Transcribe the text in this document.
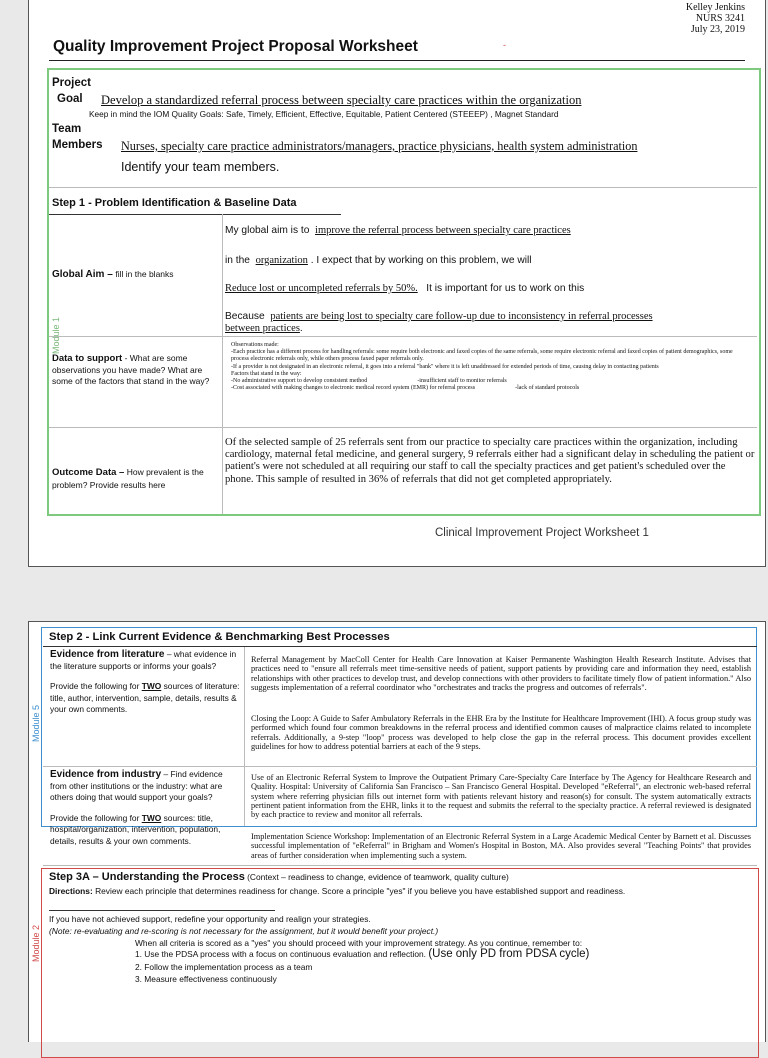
Kelley Jenkins
NURS 3241
July 23, 2019
Quality Improvement Project Proposal Worksheet	-
Project
Goal Develop a standardized referral process between specialty care practices within the organization
Keep in mind the IOM Quality Goals: Safe, Timely, Efficient, Effective, Equitable, Patient Centered (STEEEP) , Magnet Standard
Team
Members Nurses, specialty care practice administrators/managers, practice physicians, health system administration
Identify your team members.
Step 1 - Problem Identification & Baseline Data
Global Aim – fill in the blanks
My global aim is to improve the referral process between specialty care practices
in the organization . I expect that by working on this problem, we will
Reduce lost or uncompleted referrals by 50%. It is important for us to work on this
Because patients are being lost to specialty care follow-up due to inconsistency in referral processes between practices.
Data to support - What are some observations you have made? What are some of the factors that stand in the way?
Observations made:
-Each practice has a different process for handling referrals: some require both electronic and faxed copies of the same referrals, some require electronic referral and faxed copies of patient demographics, some process electronic referrals only, while others process faxed paper referrals only.
-If a provider is not designated in an electronic referral, it goes into a referral "bank" where it is left unaddressed for extended periods of time, causing delay in contacting patients
Factors that stand in the way:
-No administrative support to develop consistent method	-insufficient staff to monitor referrals
-Cost associated with making changes to electronic medical record system (EMR) for referral process	-lack of standard protocols
Outcome Data – How prevalent is the problem? Provide results here
Of the selected sample of 25 referrals sent from our practice to specialty care practices within the organization, including cardiology, maternal fetal medicine, and general surgery, 9 referrals either had a significant delay in scheduling the patient or patient's were not scheduled at all requiring our staff to call the specialty practices and get patient's scheduled over the phone. This sample of resulted in 36% of referrals that did not get completed appropriately.
Clinical Improvement Project Worksheet 1
Module 5
Step 2 - Link Current Evidence & Benchmarking Best Processes
Evidence from literature – what evidence in the literature supports or informs your goals?
Provide the following for TWO sources of literature: title, author, intervention, sample, details, results & your own comments.
Referral Management by MacColl Center for Health Care Innovation at Kaiser Permanente Washington Health Research Institute. Advises that practices need to "ensure all referrals meet time-sensitive needs of patient, support patients by providing care and information they need, establish relationships with other practices to develop trust, and develop connections with other providers to facilitate timely flow of patient information." Also suggests implementation of a referral coordinator who "orchestrates and tracks the progress and outcomes of referrals".
Closing the Loop: A Guide to Safer Ambulatory Referrals in the EHR Era by the Institute for Healthcare Improvement (IHI). A focus group study was performed which found four common breakdowns in the referral process and identified common causes of malpractice claims related to incomplete referrals. Additionally, a 9-step "loop" process was developed to help close the gap in the referral process. This document provides excellent guidelines for how to address potential barriers at each of the 9 steps.
Evidence from industry – Find evidence from other institutions or the industry: what are others doing that would support your goals?
Provide the following for TWO sources: title, hospital/organization, intervention, population, details, results & your own comments.
Use of an Electronic Referral System to Improve the Outpatient Primary Care-Specialty Care Interface by The Agency for Healthcare Research and Quality. Hospital: University of California San Francisco – San Francisco General Hospital. Developed "eReferral", an electronic web-based referral system where referring physician fills out internet form with patients relevant history and reason(s) for consult. The system automatically extracts pertinent patient information from the EHR, links it to the request and submits the referral to the specialty practice. A referral reviewed is designated by each practice to review and monitor all referrals.
Implementation Science Workshop: Implementation of an Electronic Referral System in a Large Academic Medical Center by Barnett et al. Discusses successful implementation of "eReferral" in Brigham and Women's Hospital in Boston, MA. Also provides several "Teaching Points" that provides areas of further consideration when implementing such a system.
Module 2
Step 3A – Understanding the Process (Context – readiness to change, evidence of teamwork, quality culture)
Directions: Review each principle that determines readiness for change. Score a principle "yes" if you believe you have established support and readiness.
If you have not achieved support, redefine your opportunity and realign your strategies.
(Note: re-evaluating and re-scoring is not necessary for the assignment, but it would benefit your project.)
When all criteria is scored as a "yes" you should proceed with your improvement strategy. As you continue, remember to:
1. Use the PDSA process with a focus on continuous evaluation and reflection. (Use only PD from PDSA cycle)
2. Follow the implementation process as a team
3. Measure effectiveness continuously
